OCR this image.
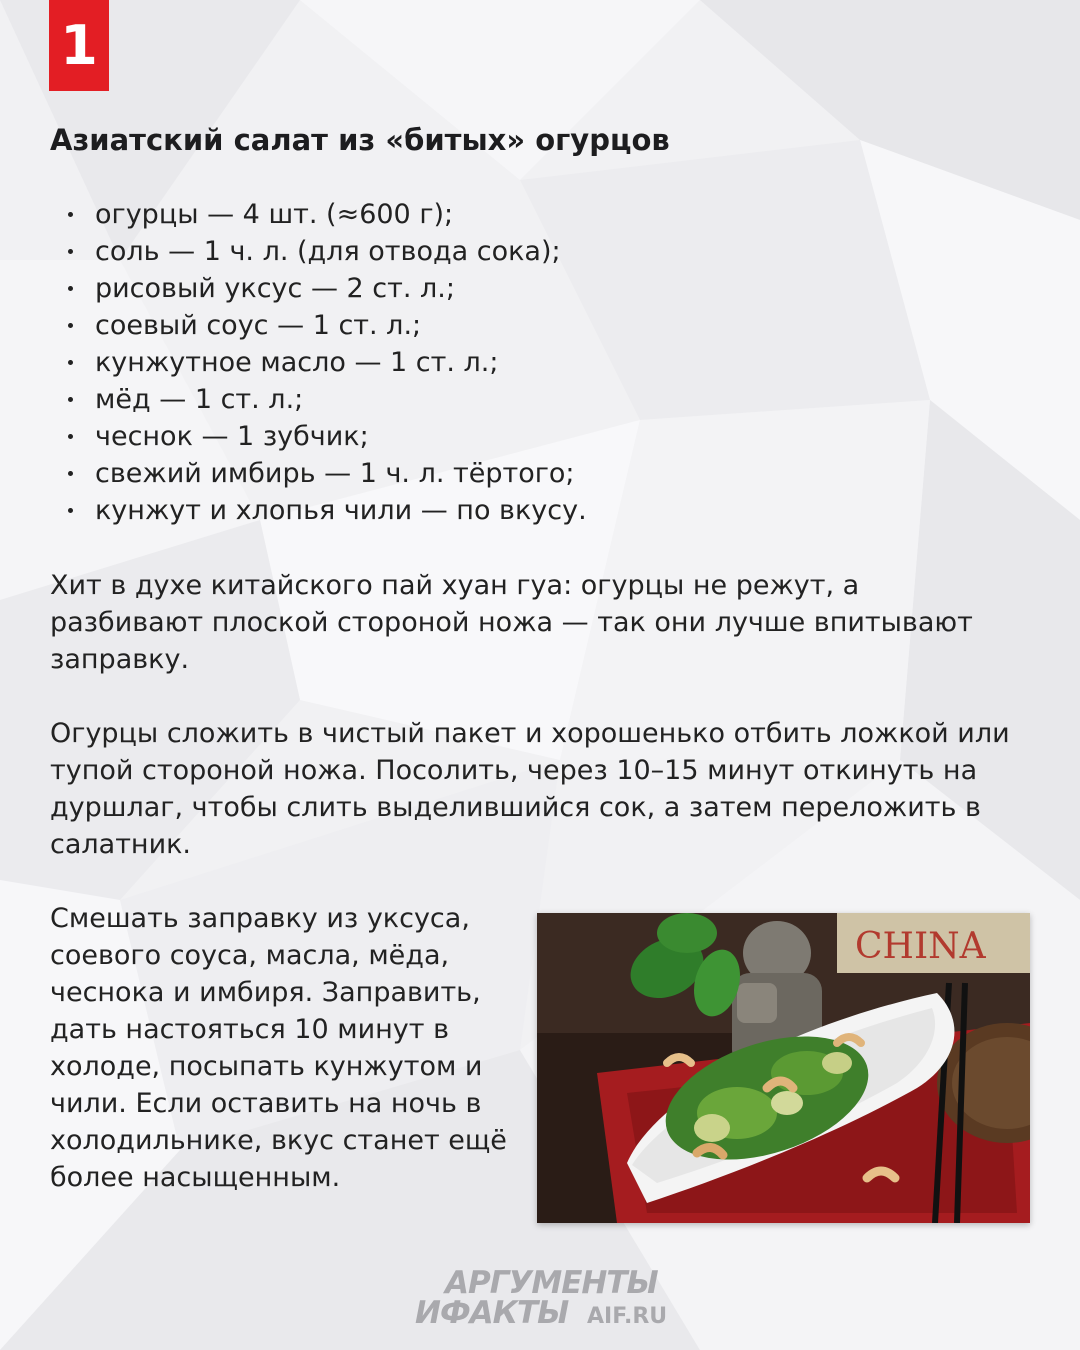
1
Азиатский салат из «битых» огурцов
огурцы — 4 шт. (≈600 г);
соль — 1 ч. л. (для отвода сока);
рисовый уксус — 2 ст. л.;
соевый соус — 1 ст. л.;
кунжутное масло — 1 ст. л.;
мёд — 1 ст. л.;
чеснок — 1 зубчик;
свежий имбирь — 1 ч. л. тёртого;
кунжут и хлопья чили — по вкусу.

Хит в духе китайского пай хуан гуа: огурцы не режут, а разбивают плоской стороной ножа — так они лучше впитывают заправку.

Огурцы сложить в чистый пакет и хорошенько отбить ложкой или тупой стороной ножа. Посолить, через 10–15 минут откинуть на дуршлаг, чтобы слить выделившийся сок, а затем переложить в салатник.

Смешать заправку из уксуса, соевого соуса, масла, мёда, чеснока и имбиря. Заправить, дать настояться 10 минут в холоде, посыпать кунжутом и чили. Если оставить на ночь в холодильнике, вкус станет ещё более насыщенным.

CHINA
АРГУМЕНТЫ
ИФАКТЫ AIF.RU
